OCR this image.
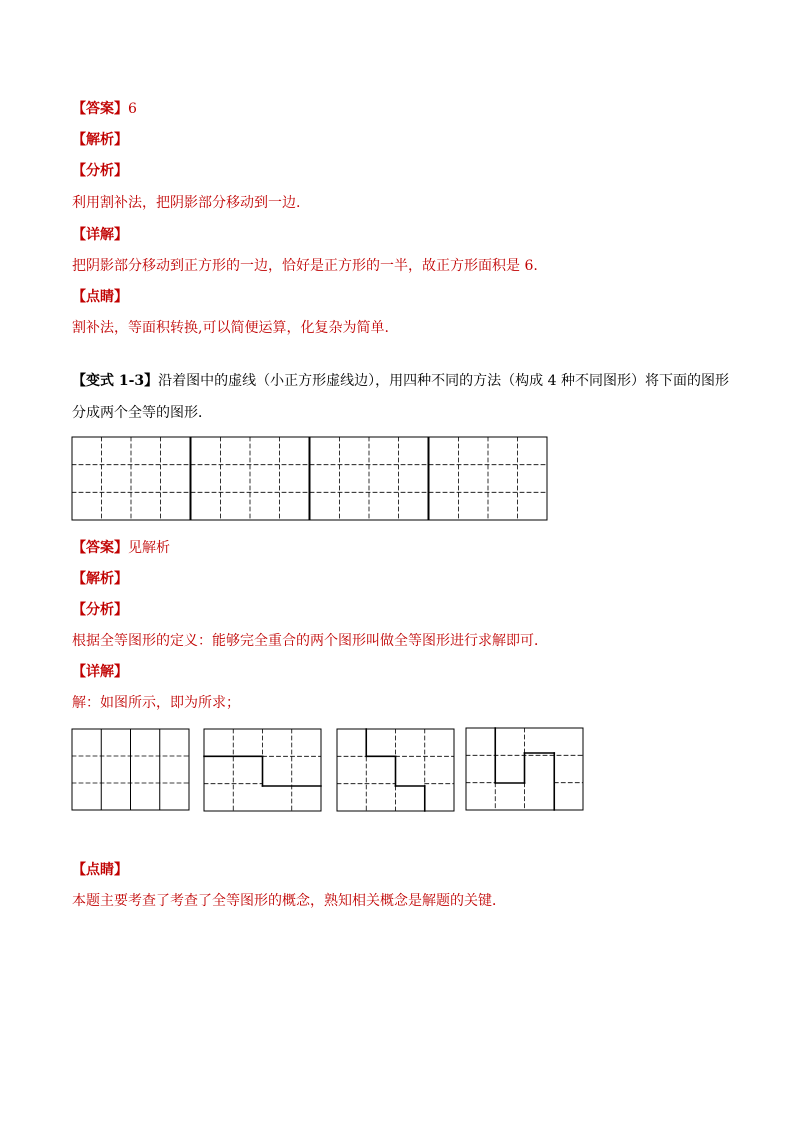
【答案】6
【解析】
【分析】
利用割补法，把阴影部分移动到一边.
【详解】
把阴影部分移动到正方形的一边，恰好是正方形的一半，故正方形面积是 6.
【点睛】
割补法，等面积转换,可以简便运算，化复杂为简单.
【变式 1-3】沿着图中的虚线（小正方形虚线边），用四种不同的方法（构成 4 种不同图形）将下面的图形
分成两个全等的图形．
【答案】见解析
【解析】
【分析】
根据全等图形的定义：能够完全重合的两个图形叫做全等图形进行求解即可．
【详解】
解：如图所示，即为所求；
【点睛】
本题主要考查了考查了全等图形的概念，熟知相关概念是解题的关键．
